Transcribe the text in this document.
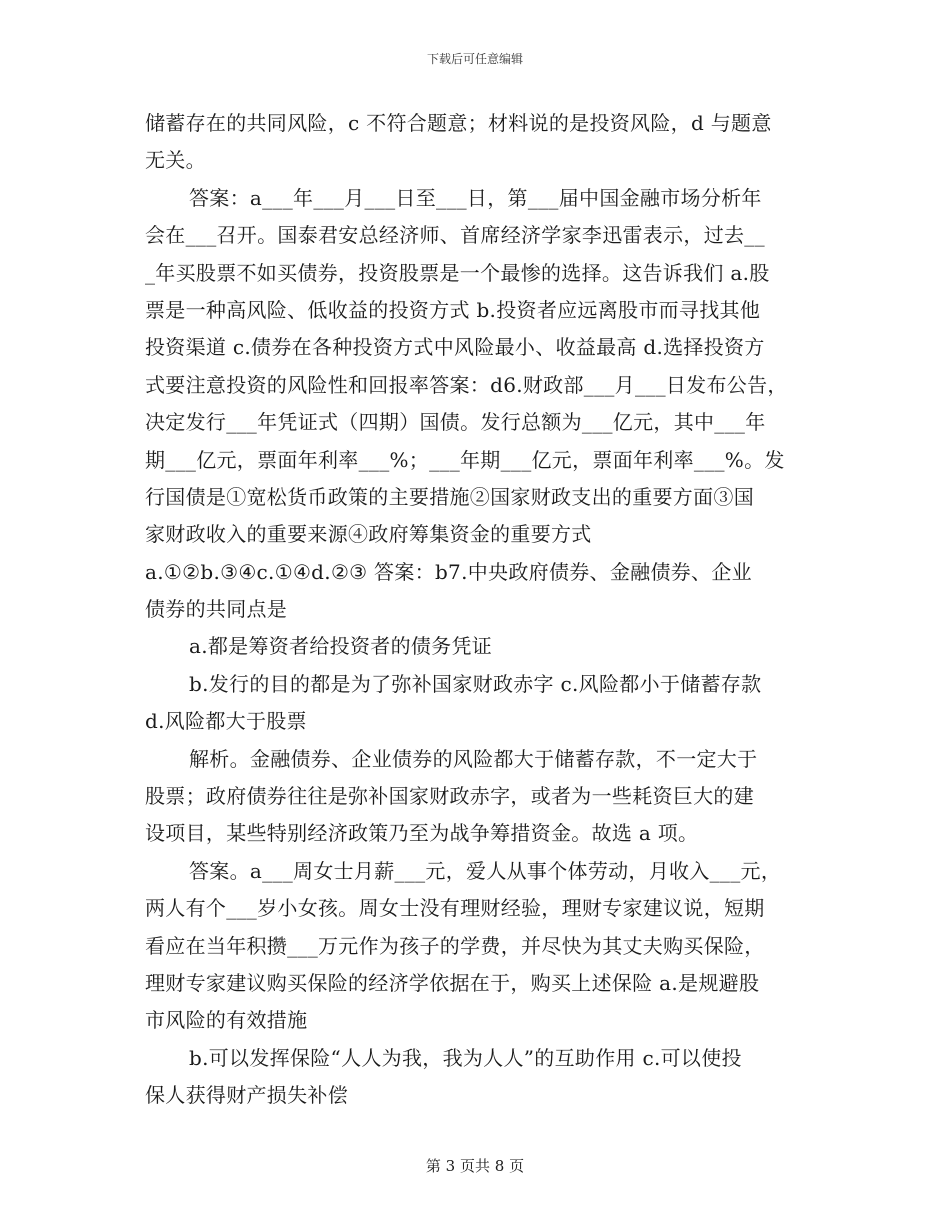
下载后可任意编辑
储蓄存在的共同风险，c 不符合题意；材料说的是投资风险，d 与题意
无关。
答案：a___年___月___日至___日，第___届中国金融市场分析年
会在___召开。国泰君安总经济师、首席经济学家李迅雷表示，过去__
_年买股票不如买债券，投资股票是一个最惨的选择。这告诉我们 a.股
票是一种高风险、低收益的投资方式 b.投资者应远离股市而寻找其他
投资渠道 c.债券在各种投资方式中风险最小、收益最高 d.选择投资方
式要注意投资的风险性和回报率答案：d6.财政部___月___日发布公告，
决定发行___年凭证式（四期）国债。发行总额为___亿元，其中___年
期___亿元，票面年利率___%；___年期___亿元，票面年利率___%。发
行国债是①宽松货币政策的主要措施②国家财政支出的重要方面③国
家财政收入的重要来源④政府筹集资金的重要方式
a.①②b.③④c.①④d.②③ 答案：b7.中央政府债券、金融债券、企业
债券的共同点是
a.都是筹资者给投资者的债务凭证
b.发行的目的都是为了弥补国家财政赤字 c.风险都小于储蓄存款
d.风险都大于股票
解析。金融债券、企业债券的风险都大于储蓄存款，不一定大于
股票；政府债券往往是弥补国家财政赤字，或者为一些耗资巨大的建
设项目，某些特别经济政策乃至为战争筹措资金。故选 a 项。
答案。a___周女士月薪___元，爱人从事个体劳动，月收入___元，
两人有个___岁小女孩。周女士没有理财经验，理财专家建议说，短期
看应在当年积攒___万元作为孩子的学费，并尽快为其丈夫购买保险，
理财专家建议购买保险的经济学依据在于，购买上述保险 a.是规避股
市风险的有效措施
b.可以发挥保险“人人为我，我为人人”的互助作用 c.可以使投
保人获得财产损失补偿
第 3 页共 8 页
